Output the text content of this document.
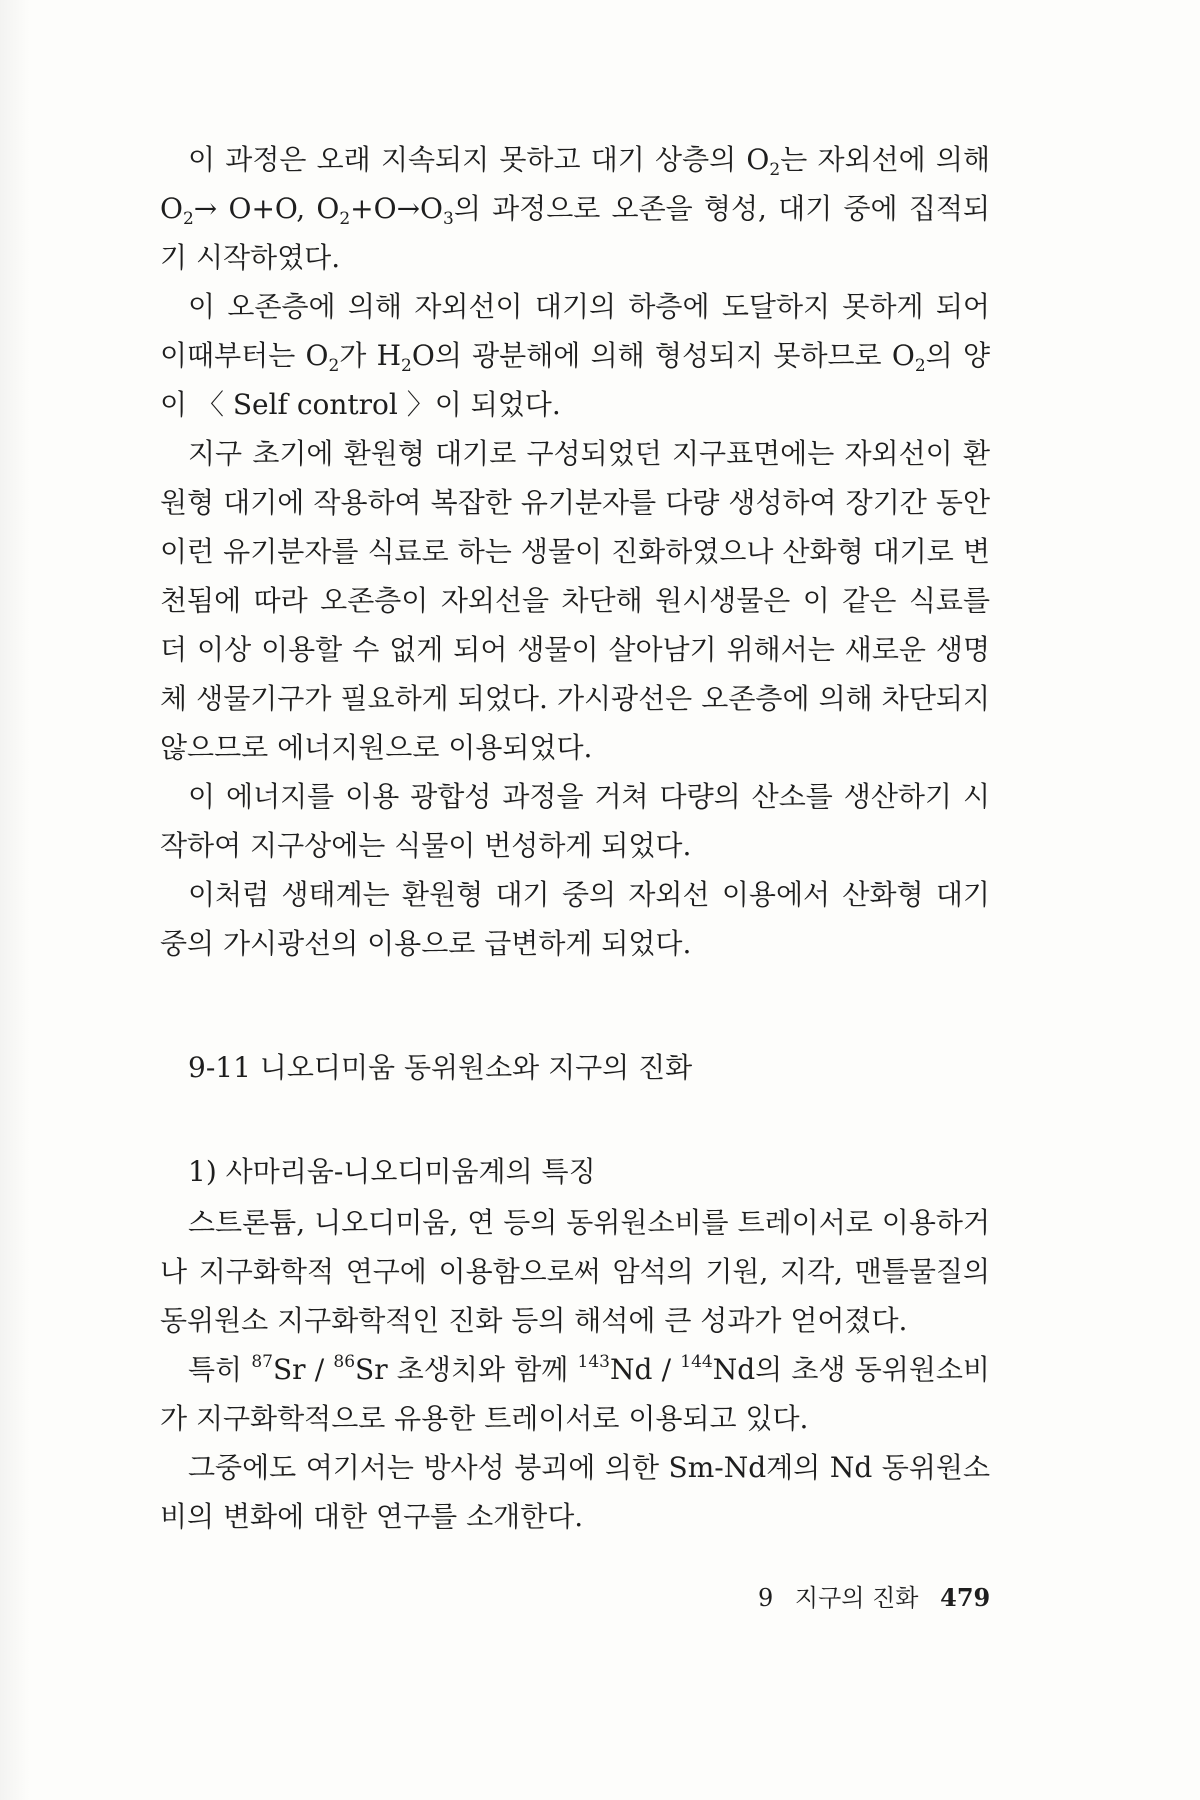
이 과정은 오래 지속되지 못하고 대기 상층의 $O_2$는 자외선에 의해 $O_2\to O+O$, $O_2+O\to O_3$의 과정으로 오존을 형성, 대기 중에 집적되기 시작하였다.

이 오존층에 의해 자외선이 대기의 하층에 도달하지 못하게 되어 이때부터는 $O_2$가 $H_2O$의 광분해에 의해 형성되지 못하므로 $O_2$의 양이 〈 Self control 〉이 되었다.

지구 초기에 환원형 대기로 구성되었던 지구표면에는 자외선이 환원형 대기에 작용하여 복잡한 유기분자를 다량 생성하여 장기간 동안 이런 유기분자를 식료로 하는 생물이 진화하였으나 산화형 대기로 변천됨에 따라 오존층이 자외선을 차단해 원시생물은 이 같은 식료를 더 이상 이용할 수 없게 되어 생물이 살아남기 위해서는 새로운 생명체 생물기구가 필요하게 되었다. 가시광선은 오존층에 의해 차단되지 않으므로 에너지원으로 이용되었다.

이 에너지를 이용 광합성 과정을 거쳐 다량의 산소를 생산하기 시작하여 지구상에는 식물이 번성하게 되었다.

이처럼 생태계는 환원형 대기 중의 자외선 이용에서 산화형 대기 중의 가시광선의 이용으로 급변하게 되었다.

9-11 니오디미움 동위원소와 지구의 진화
1) 사마리움-니오디미움계의 특징

스트론튬, 니오디미움, 연 등의 동위원소비를 트레이서로 이용하거나 지구화학적 연구에 이용함으로써 암석의 기원, 지각, 맨틀물질의 동위원소 지구화학적인 진화 등의 해석에 큰 성과가 얻어졌다.

특히 $^{87}$Sr / $^{86}$Sr 초생치와 함께 $^{143}$Nd / $^{144}$Nd의 초생 동위원소비가 지구화학적으로 유용한 트레이서로 이용되고 있다.

그중에도 여기서는 방사성 붕괴에 의한 Sm-Nd계의 Nd 동위원소비의 변화에 대한 연구를 소개한다.

9 지구의 진화 479
